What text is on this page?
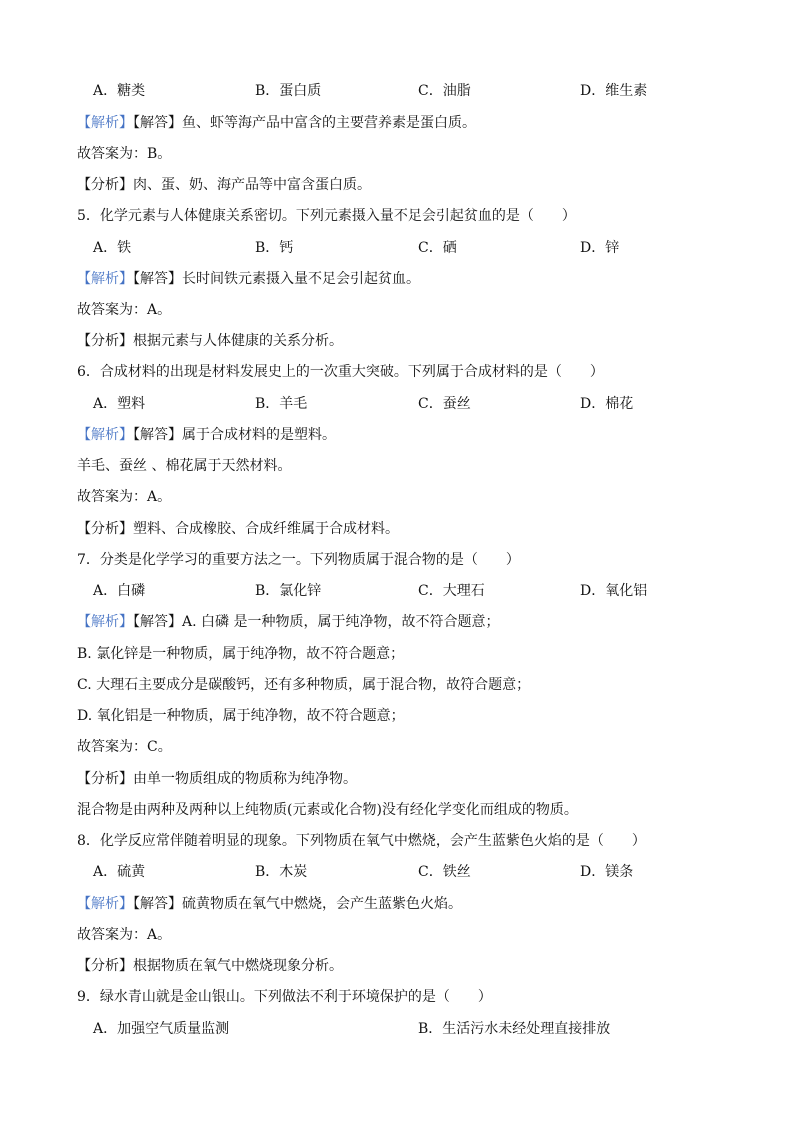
A．糖类	B．蛋白质	C．油脂	D．维生素
【解析】【解答】鱼、虾等海产品中富含的主要营养素是蛋白质。
故答案为：B。
【分析】肉、蛋、奶、海产品等中富含蛋白质。
5．化学元素与人体健康关系密切。下列元素摄入量不足会引起贫血的是（　　）
A．铁	B．钙	C．硒	D．锌
【解析】【解答】长时间铁元素摄入量不足会引起贫血。
故答案为：A。
【分析】根据元素与人体健康的关系分析。
6．合成材料的出现是材料发展史上的一次重大突破。下列属于合成材料的是（　　）
A．塑料	B．羊毛	C．蚕丝	D．棉花
【解析】【解答】属于合成材料的是塑料。
羊毛、蚕丝 、棉花属于天然材料。
故答案为：A。
【分析】塑料、合成橡胶、合成纤维属于合成材料。
7．分类是化学学习的重要方法之一。下列物质属于混合物的是（　　）
A．白磷	B．氯化锌	C．大理石	D．氧化铝
【解析】【解答】A. 白磷 是一种物质，属于纯净物，故不符合题意；
B. 氯化锌是一种物质，属于纯净物，故不符合题意；
C. 大理石主要成分是碳酸钙，还有多种物质，属于混合物，故符合题意；
D. 氧化铝是一种物质，属于纯净物，故不符合题意；
故答案为：C。
【分析】由单一物质组成的物质称为纯净物。
混合物是由两种及两种以上纯物质(元素或化合物)没有经化学变化而组成的物质。
8．化学反应常伴随着明显的现象。下列物质在氧气中燃烧，会产生蓝紫色火焰的是（　　）
A．硫黄	B．木炭	C．铁丝	D．镁条
【解析】【解答】硫黄物质在氧气中燃烧，会产生蓝紫色火焰。
故答案为：A。
【分析】根据物质在氧气中燃烧现象分析。
9．绿水青山就是金山银山。下列做法不利于环境保护的是（　　）
A．加强空气质量监测	B．生活污水未经处理直接排放
